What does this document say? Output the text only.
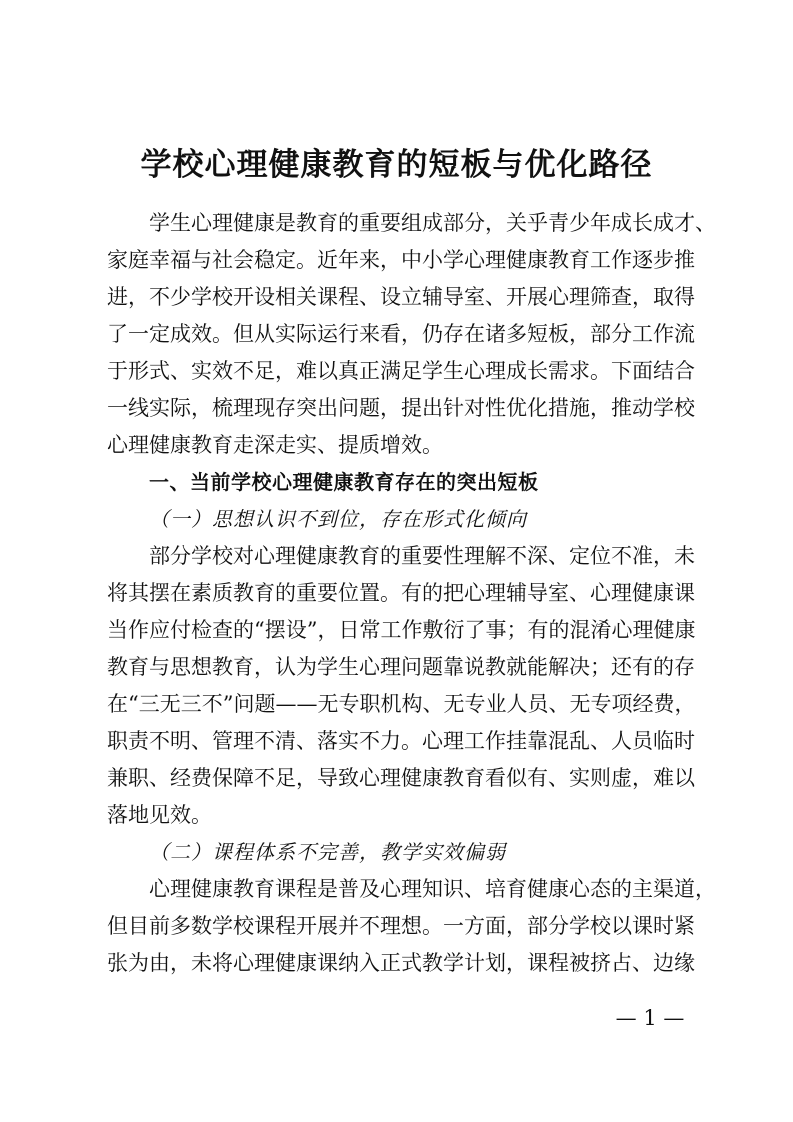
学校心理健康教育的短板与优化路径
学生心理健康是教育的重要组成部分，关乎青少年成长成才、
家庭幸福与社会稳定。近年来，中小学心理健康教育工作逐步推
进，不少学校开设相关课程、设立辅导室、开展心理筛查，取得
了一定成效。但从实际运行来看，仍存在诸多短板，部分工作流
于形式、实效不足，难以真正满足学生心理成长需求。下面结合
一线实际，梳理现存突出问题，提出针对性优化措施，推动学校
心理健康教育走深走实、提质增效。
一、当前学校心理健康教育存在的突出短板
（一）思想认识不到位，存在形式化倾向
部分学校对心理健康教育的重要性理解不深、定位不准，未
将其摆在素质教育的重要位置。有的把心理辅导室、心理健康课
当作应付检查的“摆设”，日常工作敷衍了事；有的混淆心理健康
教育与思想教育，认为学生心理问题靠说教就能解决；还有的存
在“三无三不”问题——无专职机构、无专业人员、无专项经费，
职责不明、管理不清、落实不力。心理工作挂靠混乱、人员临时
兼职、经费保障不足，导致心理健康教育看似有、实则虚，难以
落地见效。
（二）课程体系不完善，教学实效偏弱
心理健康教育课程是普及心理知识、培育健康心态的主渠道，
但目前多数学校课程开展并不理想。一方面，部分学校以课时紧
张为由，未将心理健康课纳入正式教学计划，课程被挤占、边缘
— 1 —
